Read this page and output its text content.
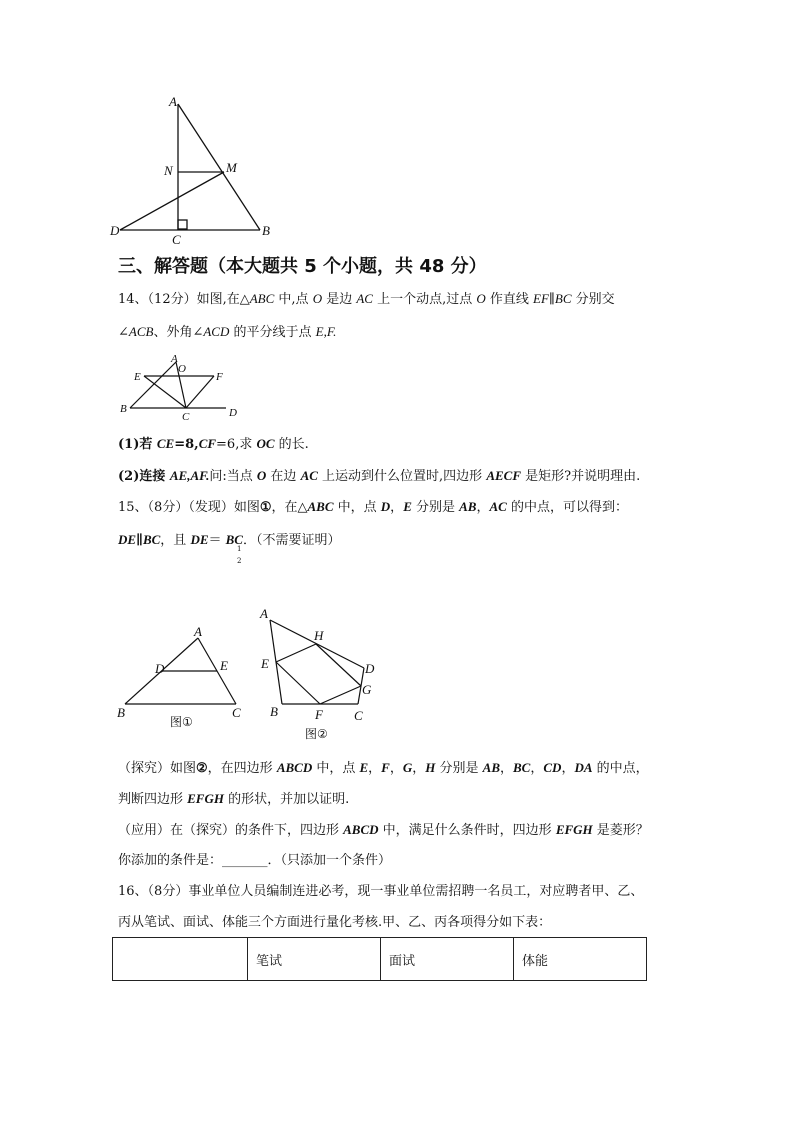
A
N	M
D
C
B
三、解答题（本大题共 5 个小题，共 48 分）
14、（12分）如图,在△ABC 中,点 O 是边 AC 上一个动点,过点 O 作直线 EF∥BC 分别交
∠ACB、外角∠ACD 的平分线于点 E,F.
A
O
E	F
B
C	D
(1)若 CE=8,CF=6,求 OC 的长.
(2)连接 AE,AF.问:当点 O 在边 AC 上运动到什么位置时,四边形 AECF 是矩形?并说明理由.
15、（8分）（发现）如图①，在△ABC 中，点 D，E 分别是 AB，AC 的中点，可以得到：
DE∥BC，且 DE＝ BC．（不需要证明）
1
2
A
D	E
B	C
图①
A
H
E	D
G
B	F C
图②
（探究）如图②，在四边形 ABCD 中，点 E，F，G，H 分别是 AB，BC，CD，DA 的中点，
判断四边形 EFGH 的形状，并加以证明.
（应用）在（探究）的条件下，四边形 ABCD 中，满足什么条件时，四边形 EFGH 是菱形？
你添加的条件是：_______．（只添加一个条件）
16、（8分）事业单位人员编制连进必考，现一事业单位需招聘一名员工，对应聘者甲、乙、
丙从笔试、面试、体能三个方面进行量化考核.甲、乙、丙各项得分如下表：
	笔试	面试	体能
